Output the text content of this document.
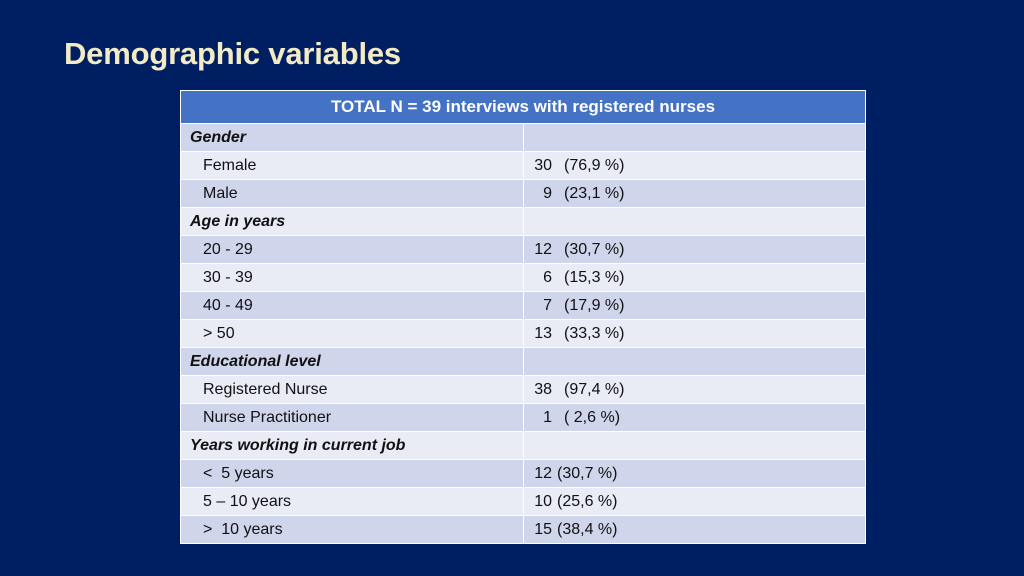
Demographic variables
TOTAL N = 39 interviews with registered nurses	
Gender	
Female	30 (76,9 %)
Male	9 (23,1 %)
Age in years	
20 - 29	12 (30,7 %)
30 - 39	6 (15,3 %)
40 - 49	7 (17,9 %)
> 50	13 (33,3 %)
Educational level	
Registered Nurse	38 (97,4 %)
Nurse Practitioner	1 ( 2,6 %)
Years working in current job	
<  5 years	12 (30,7 %)
5 – 10 years	10 (25,6 %)
>  10 years	15 (38,4 %)
